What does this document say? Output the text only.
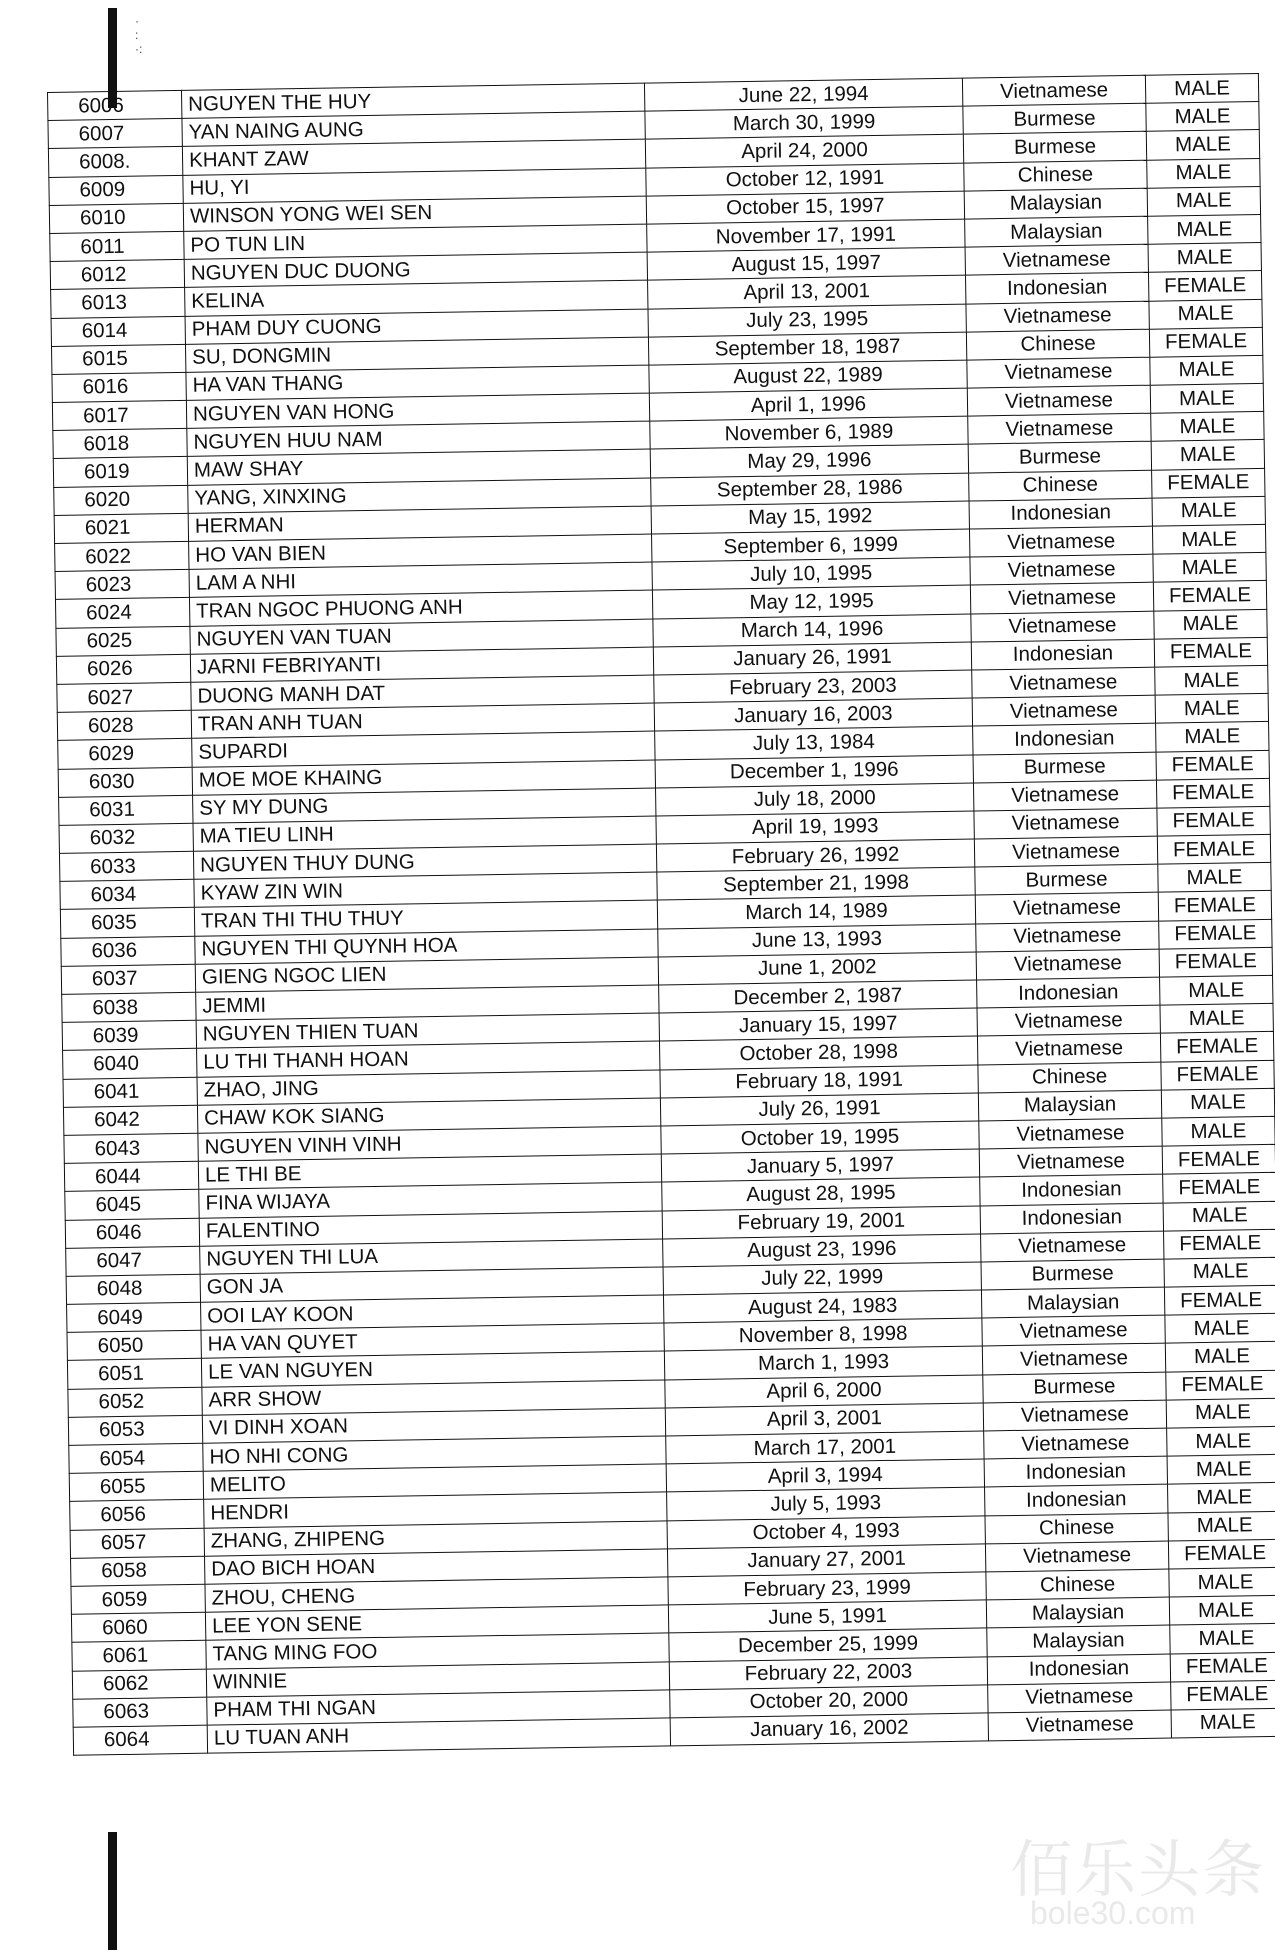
·
:
·:
佰乐头条
bole30.com
6006	NGUYEN THE HUY	June 22, 1994	Vietnamese	MALE
6007	YAN NAING AUNG	March 30, 1999	Burmese	MALE
6008.	KHANT ZAW	April 24, 2000	Burmese	MALE
6009	HU, YI	October 12, 1991	Chinese	MALE
6010	WINSON YONG WEI SEN	October 15, 1997	Malaysian	MALE
6011	PO TUN LIN	November 17, 1991	Malaysian	MALE
6012	NGUYEN DUC DUONG	August 15, 1997	Vietnamese	MALE
6013	KELINA	April 13, 2001	Indonesian	FEMALE
6014	PHAM DUY CUONG	July 23, 1995	Vietnamese	MALE
6015	SU, DONGMIN	September 18, 1987	Chinese	FEMALE
6016	HA VAN THANG	August 22, 1989	Vietnamese	MALE
6017	NGUYEN VAN HONG	April 1, 1996	Vietnamese	MALE
6018	NGUYEN HUU NAM	November 6, 1989	Vietnamese	MALE
6019	MAW SHAY	May 29, 1996	Burmese	MALE
6020	YANG, XINXING	September 28, 1986	Chinese	FEMALE
6021	HERMAN	May 15, 1992	Indonesian	MALE
6022	HO VAN BIEN	September 6, 1999	Vietnamese	MALE
6023	LAM A NHI	July 10, 1995	Vietnamese	MALE
6024	TRAN NGOC PHUONG ANH	May 12, 1995	Vietnamese	FEMALE
6025	NGUYEN VAN TUAN	March 14, 1996	Vietnamese	MALE
6026	JARNI FEBRIYANTI	January 26, 1991	Indonesian	FEMALE
6027	DUONG MANH DAT	February 23, 2003	Vietnamese	MALE
6028	TRAN ANH TUAN	January 16, 2003	Vietnamese	MALE
6029	SUPARDI	July 13, 1984	Indonesian	MALE
6030	MOE MOE KHAING	December 1, 1996	Burmese	FEMALE
6031	SY MY DUNG	July 18, 2000	Vietnamese	FEMALE
6032	MA TIEU LINH	April 19, 1993	Vietnamese	FEMALE
6033	NGUYEN THUY DUNG	February 26, 1992	Vietnamese	FEMALE
6034	KYAW ZIN WIN	September 21, 1998	Burmese	MALE
6035	TRAN THI THU THUY	March 14, 1989	Vietnamese	FEMALE
6036	NGUYEN THI QUYNH HOA	June 13, 1993	Vietnamese	FEMALE
6037	GIENG NGOC LIEN	June 1, 2002	Vietnamese	FEMALE
6038	JEMMI	December 2, 1987	Indonesian	MALE
6039	NGUYEN THIEN TUAN	January 15, 1997	Vietnamese	MALE
6040	LU THI THANH HOAN	October 28, 1998	Vietnamese	FEMALE
6041	ZHAO, JING	February 18, 1991	Chinese	FEMALE
6042	CHAW KOK SIANG	July 26, 1991	Malaysian	MALE
6043	NGUYEN VINH VINH	October 19, 1995	Vietnamese	MALE
6044	LE THI BE	January 5, 1997	Vietnamese	FEMALE
6045	FINA WIJAYA	August 28, 1995	Indonesian	FEMALE
6046	FALENTINO	February 19, 2001	Indonesian	MALE
6047	NGUYEN THI LUA	August 23, 1996	Vietnamese	FEMALE
6048	GON JA	July 22, 1999	Burmese	MALE
6049	OOI LAY KOON	August 24, 1983	Malaysian	FEMALE
6050	HA VAN QUYET	November 8, 1998	Vietnamese	MALE
6051	LE VAN NGUYEN	March 1, 1993	Vietnamese	MALE
6052	ARR SHOW	April 6, 2000	Burmese	FEMALE
6053	VI DINH XOAN	April 3, 2001	Vietnamese	MALE
6054	HO NHI CONG	March 17, 2001	Vietnamese	MALE
6055	MELITO	April 3, 1994	Indonesian	MALE
6056	HENDRI	July 5, 1993	Indonesian	MALE
6057	ZHANG, ZHIPENG	October 4, 1993	Chinese	MALE
6058	DAO BICH HOAN	January 27, 2001	Vietnamese	FEMALE
6059	ZHOU, CHENG	February 23, 1999	Chinese	MALE
6060	LEE YON SENE	June 5, 1991	Malaysian	MALE
6061	TANG MING FOO	December 25, 1999	Malaysian	MALE
6062	WINNIE	February 22, 2003	Indonesian	FEMALE
6063	PHAM THI NGAN	October 20, 2000	Vietnamese	FEMALE
6064	LU TUAN ANH	January 16, 2002	Vietnamese	MALE
